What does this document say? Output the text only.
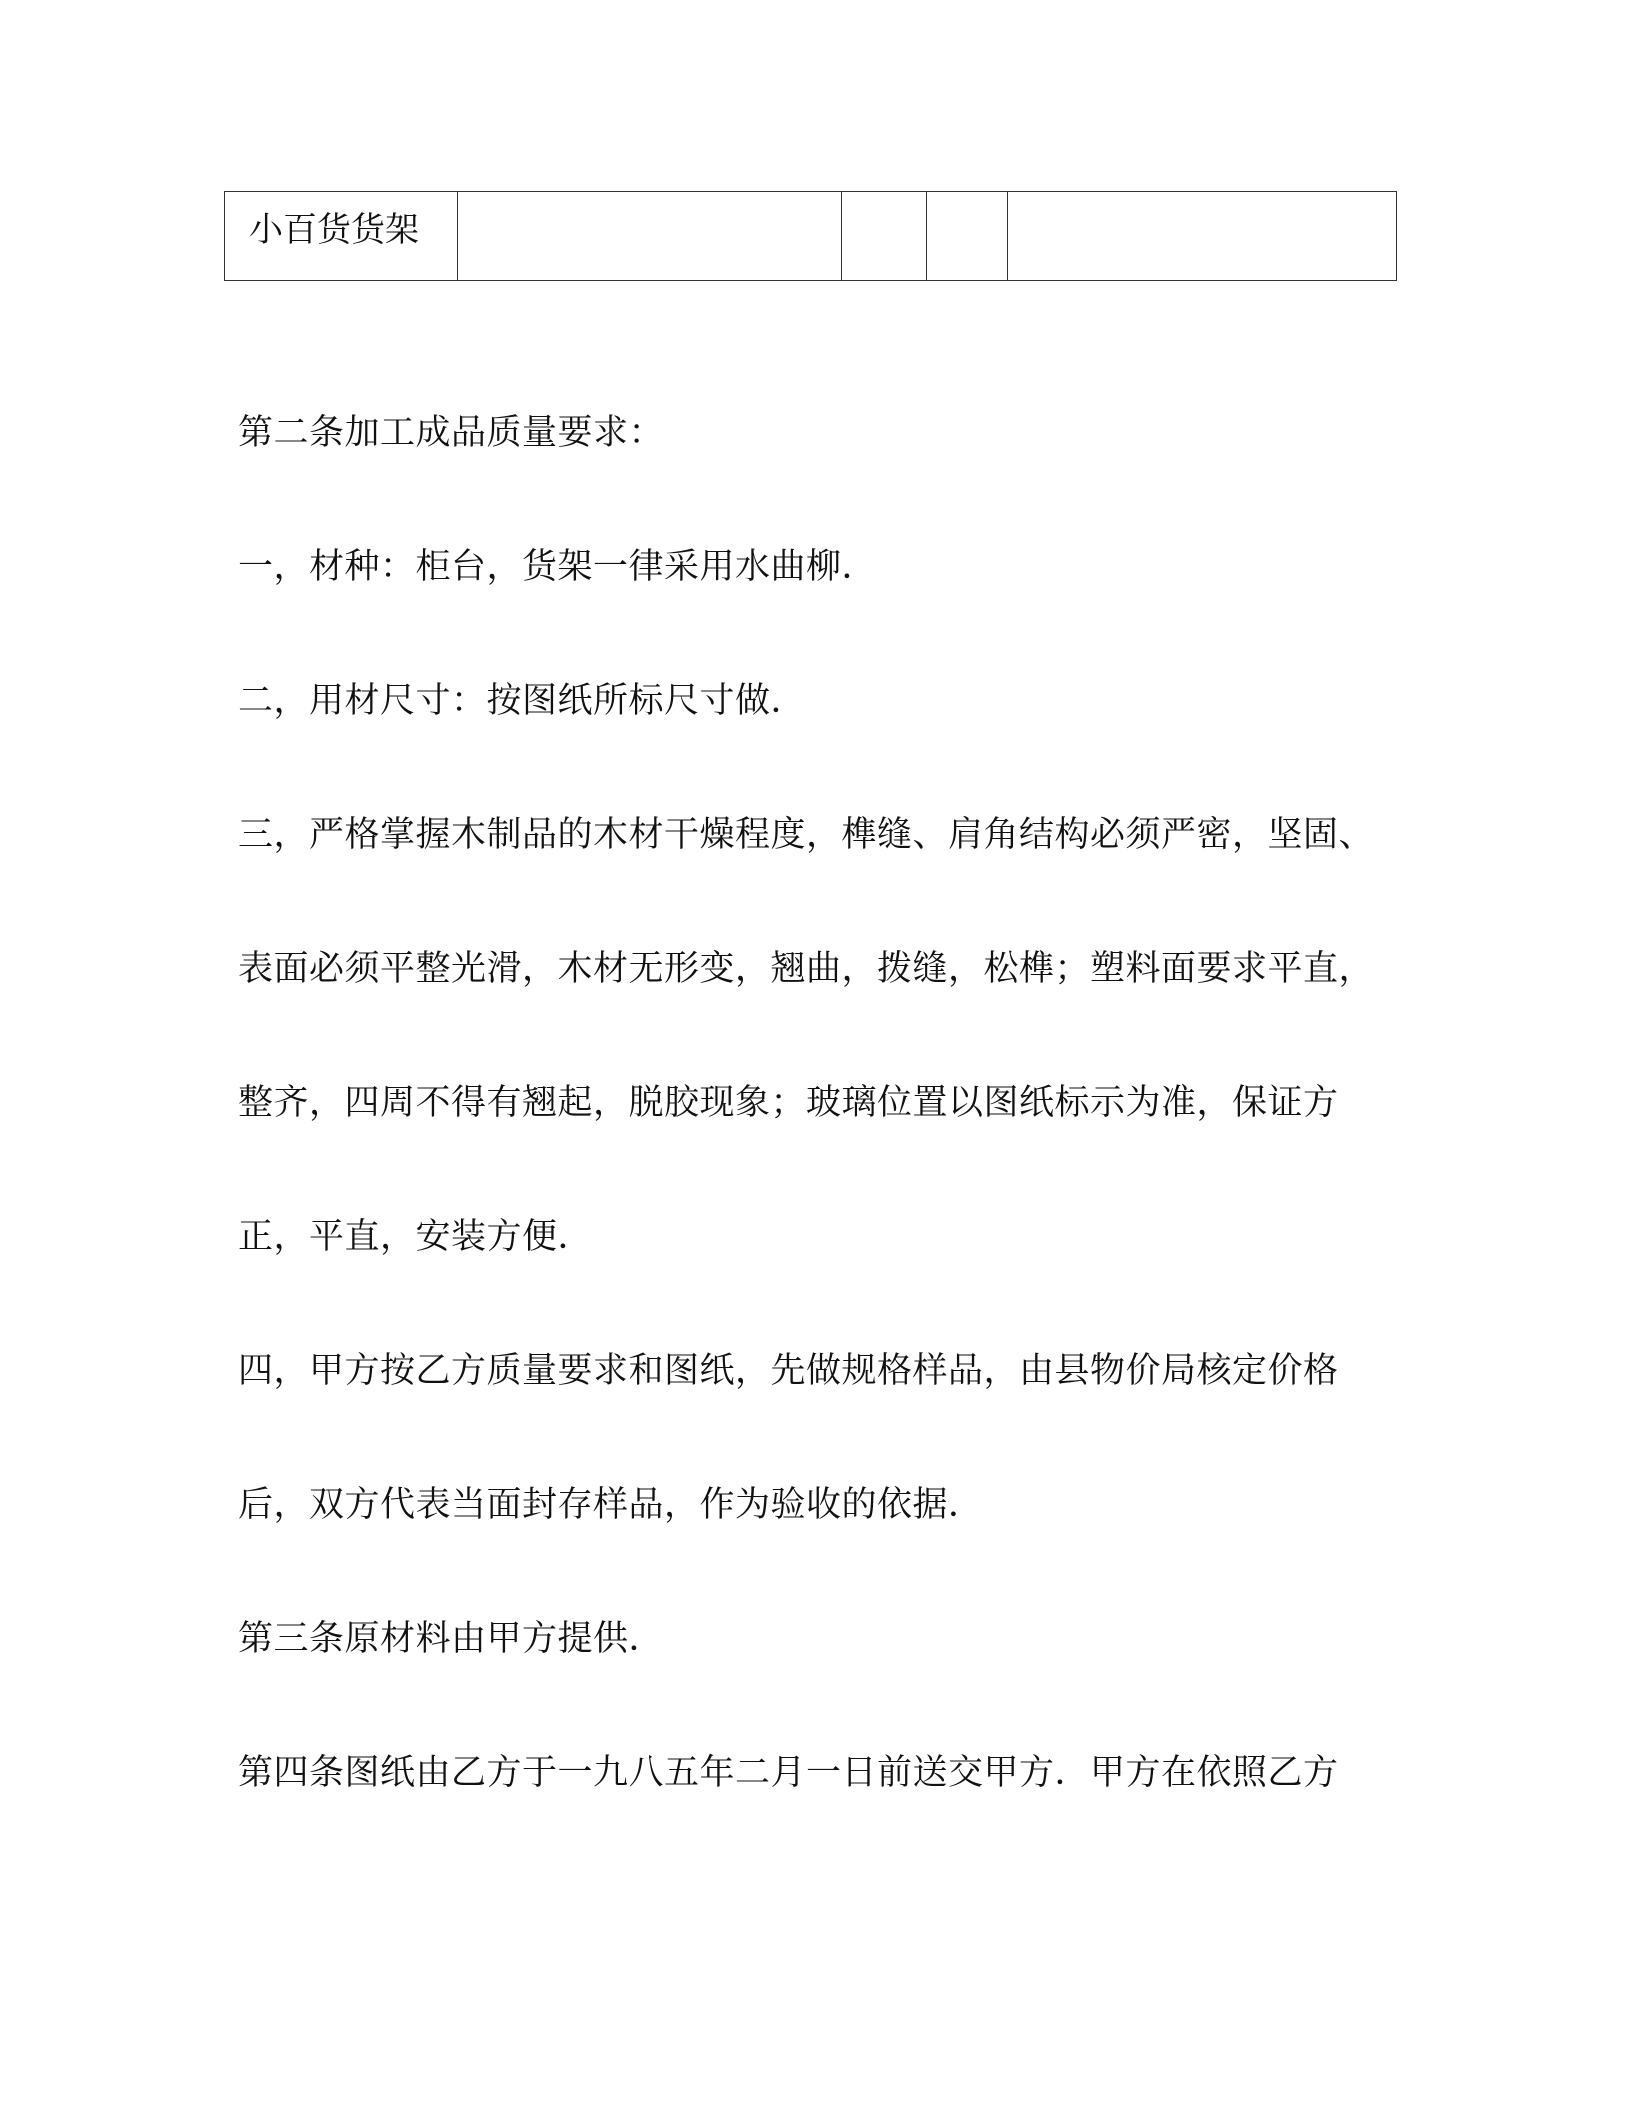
小百货货架				

第二条加工成品质量要求：

一，材种：柜台，货架一律采用水曲柳．

二，用材尺寸：按图纸所标尺寸做．

三，严格掌握木制品的木材干燥程度，榫缝、肩角结构必须严密，坚固、

表面必须平整光滑，木材无形变，翘曲，拨缝，松榫；塑料面要求平直，

整齐，四周不得有翘起，脱胶现象；玻璃位置以图纸标示为准，保证方

正，平直，安装方便．

四，甲方按乙方质量要求和图纸，先做规格样品，由县物价局核定价格

后，双方代表当面封存样品，作为验收的依据．

第三条原材料由甲方提供．

第四条图纸由乙方于一九八五年二月一日前送交甲方．甲方在依照乙方
